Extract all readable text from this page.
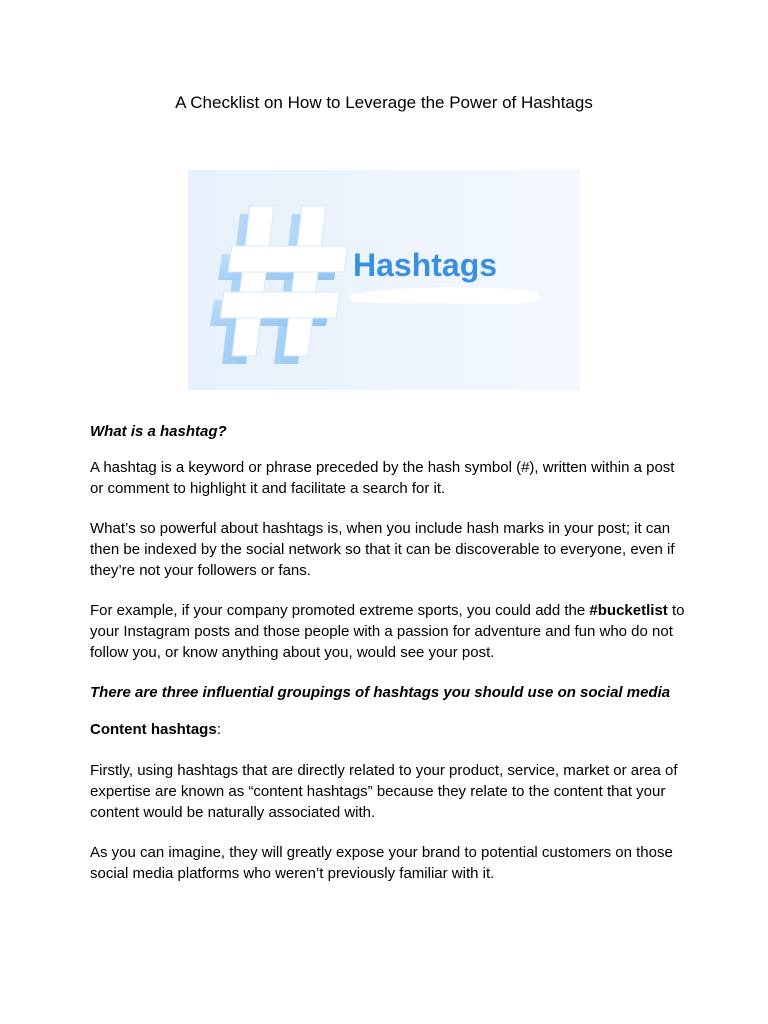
A Checklist on How to Leverage the Power of Hashtags
Hashtags

What is a hashtag?

A hashtag is a keyword or phrase preceded by the hash symbol (#), written within a post or comment to highlight it and facilitate a search for it.

What’s so powerful about hashtags is, when you include hash marks in your post; it can then be indexed by the social network so that it can be discoverable to everyone, even if they’re not your followers or fans.

For example, if your company promoted extreme sports, you could add the #bucketlist to your Instagram posts and those people with a passion for adventure and fun who do not follow you, or know anything about you, would see your post.

There are three influential groupings of hashtags you should use on social media

Content hashtags:

Firstly, using hashtags that are directly related to your product, service, market or area of expertise are known as “content hashtags” because they relate to the content that your content would be naturally associated with.

As you can imagine, they will greatly expose your brand to potential customers on those social media platforms who weren’t previously familiar with it.
